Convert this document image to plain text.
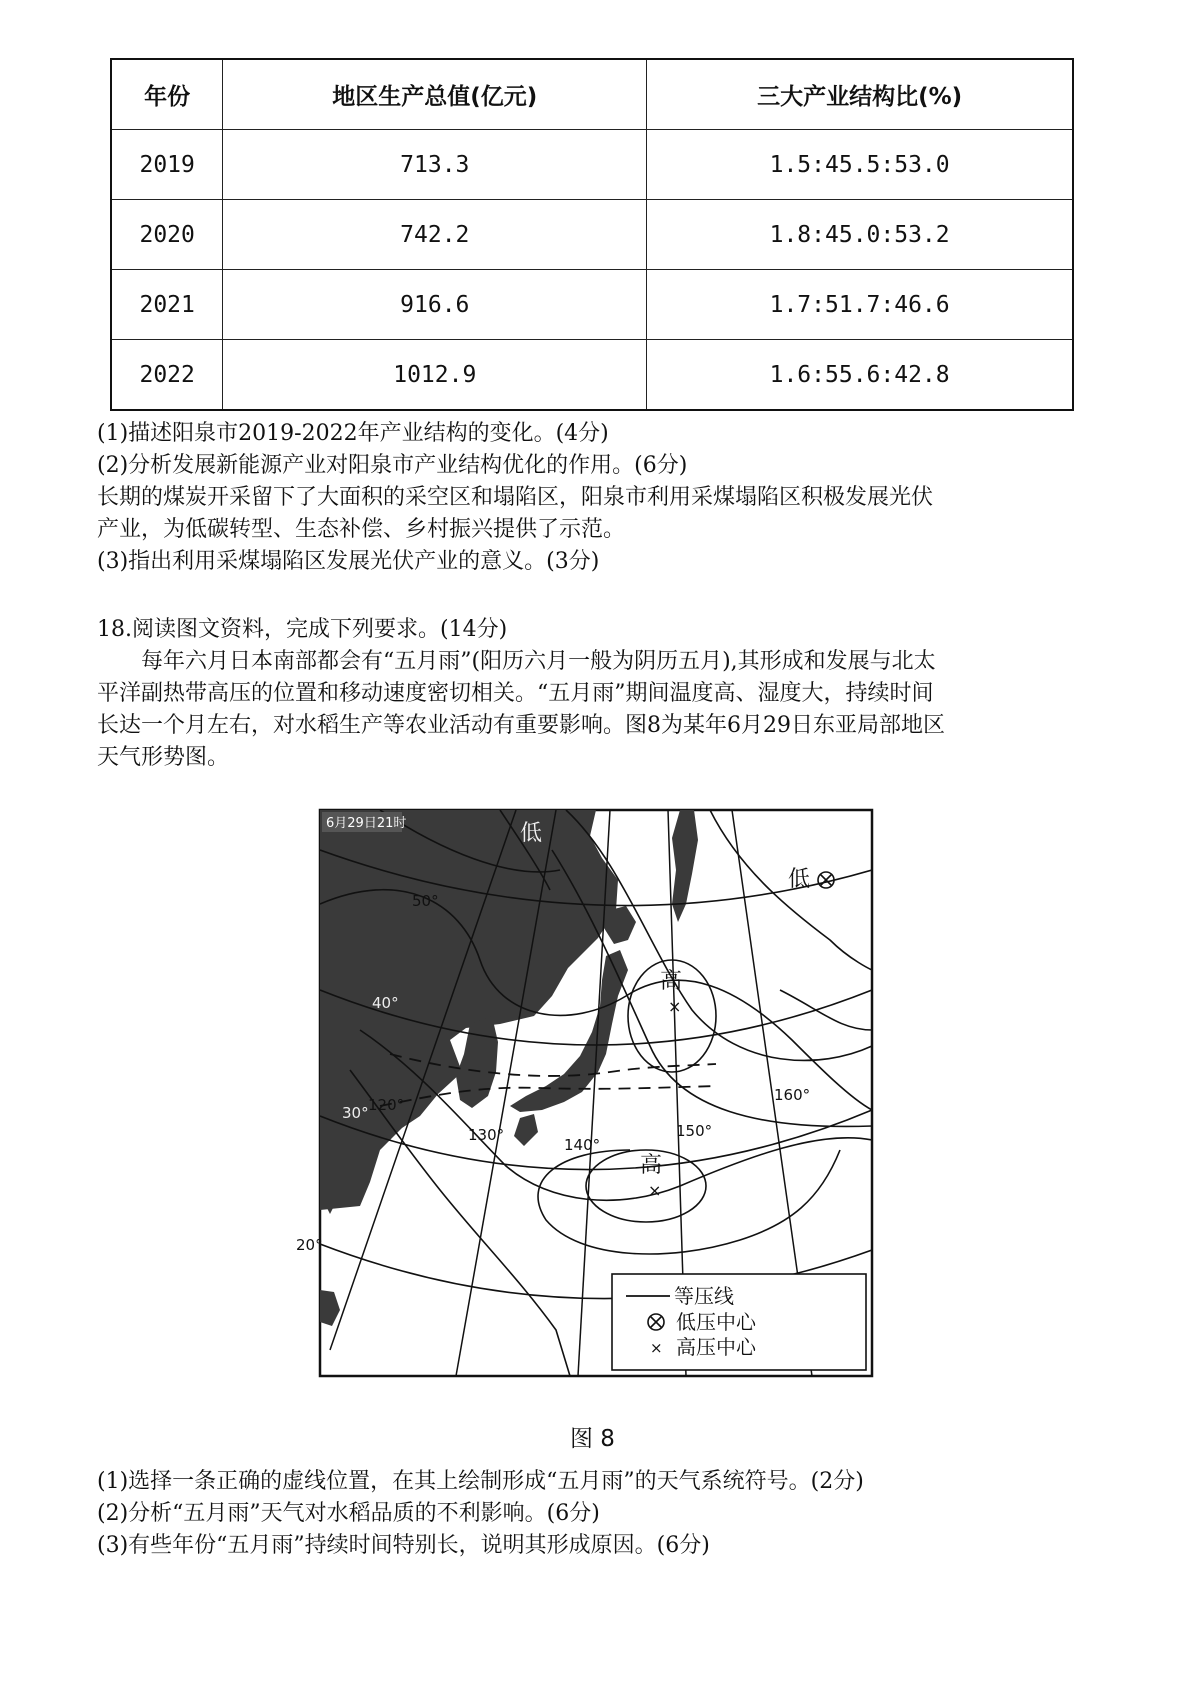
年份	地区生产总值(亿元)	三大产业结构比(%)
2019	713.3	1.5:45.5:53.0
2020	742.2	1.8:45.0:53.2
2021	916.6	1.7:51.7:46.6
2022	1012.9	1.6:55.6:42.8

(1)描述阳泉市2019-2022年产业结构的变化。(4分)

(2)分析发展新能源产业对阳泉市产业结构优化的作用。(6分)

长期的煤炭开采留下了大面积的采空区和塌陷区，阳泉市利用采煤塌陷区积极发展光伏

产业，为低碳转型、生态补偿、乡村振兴提供了示范。

(3)指出利用采煤塌陷区发展光伏产业的意义。(3分)

18.阅读图文资料，完成下列要求。(14分)

每年六月日本南部都会有“五月雨”(阳历六月一般为阴历五月),其形成和发展与北太

平洋副热带高压的位置和移动速度密切相关。“五月雨”期间温度高、湿度大，持续时间

长达一个月左右，对水稻生产等农业活动有重要影响。图8为某年6月29日东亚局部地区

天气形势图。

6月29日21时	低
低
高
×
高
×
50°
40°
30°
20°
120°
130°
140°
150°
160°
等压线
低压中心
× 高压中心
图 8

(1)选择一条正确的虚线位置，在其上绘制形成“五月雨”的天气系统符号。(2分)

(2)分析“五月雨”天气对水稻品质的不利影响。(6分)

(3)有些年份“五月雨”持续时间特别长，说明其形成原因。(6分)
